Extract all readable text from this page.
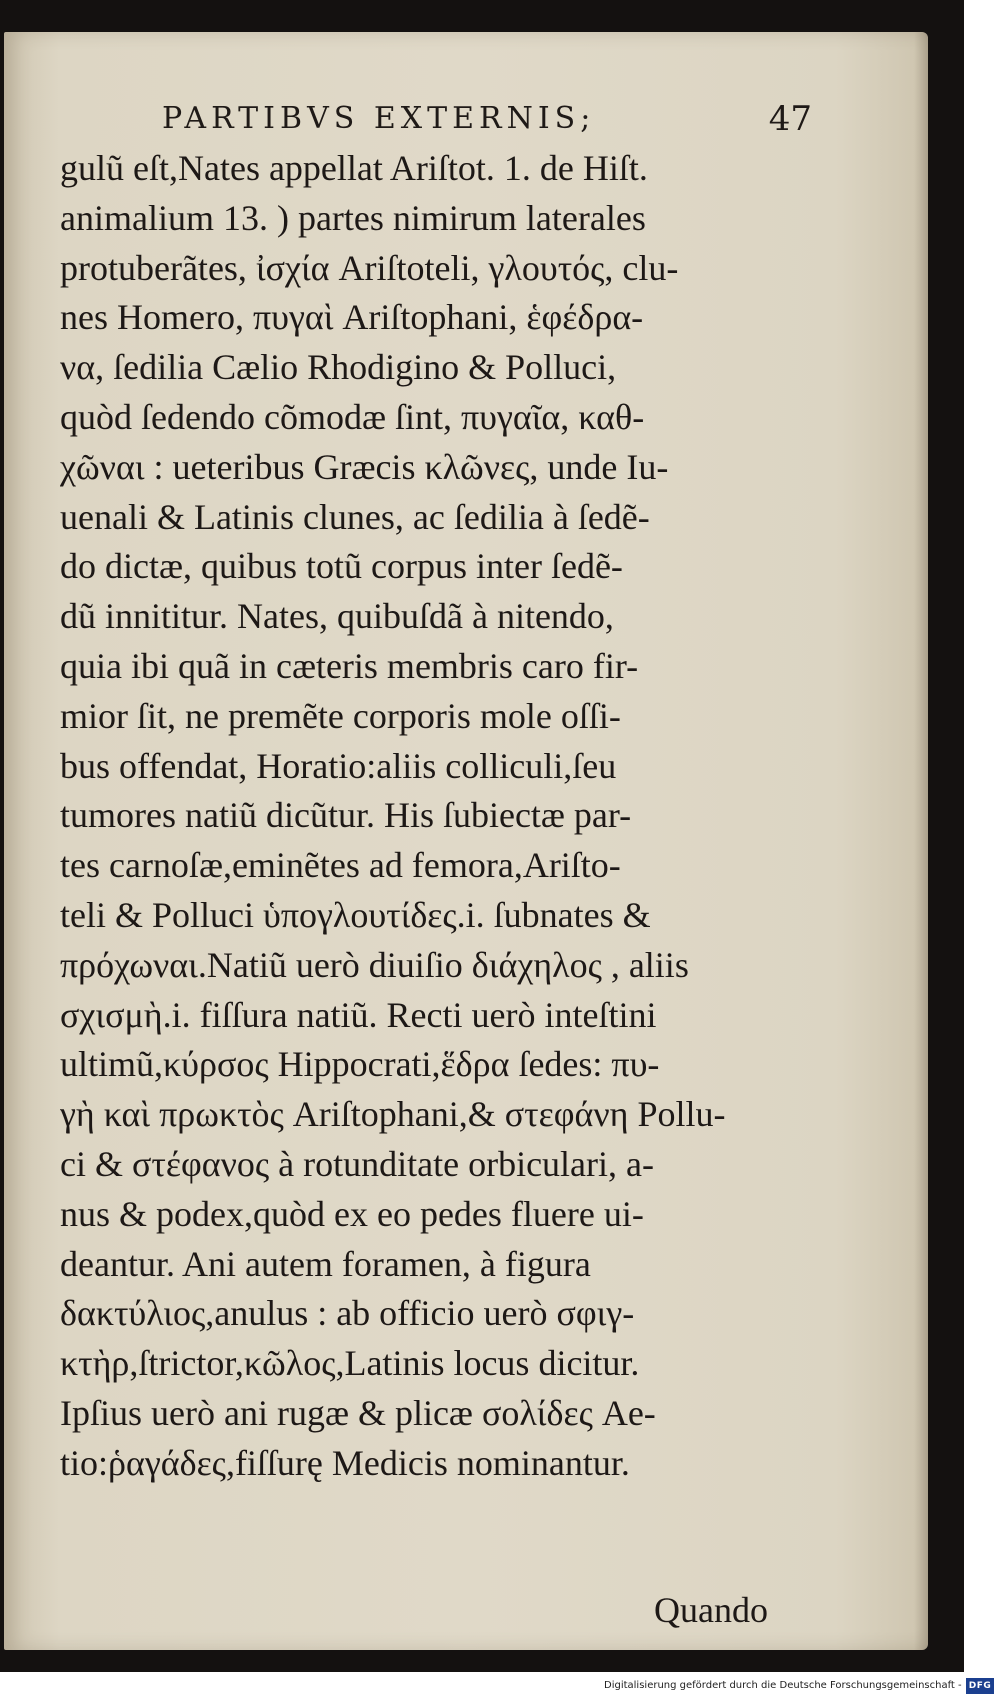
PARTIBVS EXTERNIS;	47
gulũ eſt,Nates appellat Ariſtot. 1. de Hiſt.
animalium 13. ) partes nimirum laterales
protuberãtes, ἰσχία Ariſtoteli, γλουτός, clu-
nes Homero, πυγαὶ Ariſtophani, ἑφέδρα-
να, ſedilia Cælio Rhodigino & Polluci,
quòd ſedendo cõmodæ ſint, πυγαῖα, καθ-
χῶναι : ueteribus Græcis κλῶνες, unde Iu-
uenali & Latinis clunes, ac ſedilia à ſedẽ-
do dictæ, quibus totũ corpus inter ſedẽ-
dũ innititur. Nates, quibuſdã à nitendo,
quia ibi quã in cæteris membris caro fir-
mior ſit, ne premẽte corporis mole oſſi-
bus offendat, Horatio:aliis colliculi,ſeu
tumores natiũ dicũtur. His ſubiectæ par-
tes carnoſæ,eminẽtes ad femora,Ariſto-
teli & Polluci ὑπογλουτίδες.i. ſubnates &
πρόχωναι.Natiũ uerò diuiſio διάχηλος , aliis
σχισμὴ.i. fiſſura natiũ. Recti uerò inteſtini
ultimũ,κύρσος Hippocrati,ἕδρα ſedes: πυ-
γὴ καὶ πρωκτὸς Ariſtophani,& στεφάνη Pollu-
ci & στέφανος à rotunditate orbiculari, a-
nus & podex,quòd ex eo pedes fluere ui-
deantur. Ani autem foramen, à figura
δακτύλιος,anulus : ab officio uerò σφιγ-
κτὴρ,ſtrictor,κῶλος,Latinis locus dicitur.
Ipſius uerò ani rugæ & plicæ σολίδες Ae-
tio:ῥαγάδες,fiſſurę Medicis nominantur.
Quando
Digitalisierung gefördert durch die Deutsche Forschungsgemeinschaft - DFG
